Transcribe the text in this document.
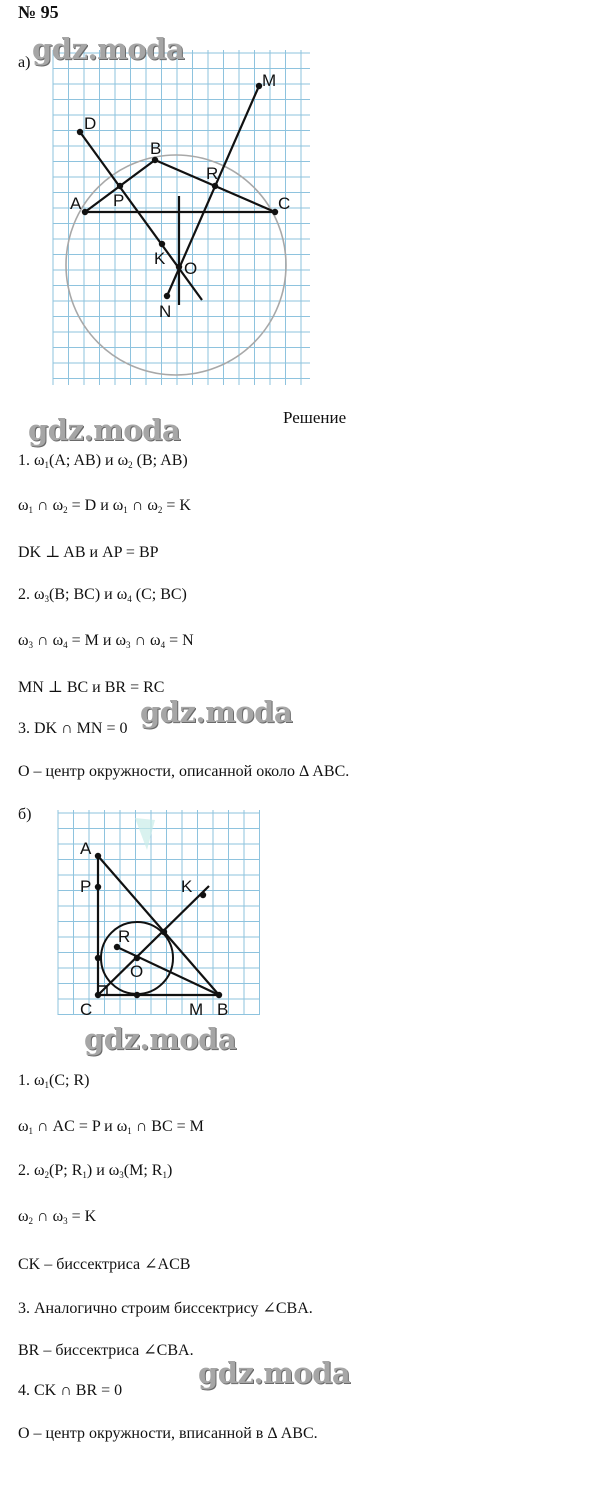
№ 95
а)
M
D
B
R
A P	C
K
O
N
gdz.moda
gdz.moda	Решение
1. $\omega_1(A$; AB) и $\omega_2$ (B; AB)
$\omega_1$ ∩ $\omega_2 = D$ и $\omega_1$ ∩ $\omega_2 = K$
DK ⊥ AB и AP = BP
2. $\omega_3(B$; BC) и $\omega_4$ (C; BC)
$\omega_3$ ∩ $\omega_4 = M$ и $\omega_3$ ∩ $\omega_4 = N$
MN ⊥ BC и BR = RC
3. DK ∩ MN = 0
O – центр окружности, описанной около Δ ABC.
gdz.moda
б)
A
P	K
R
O
C	M B
gdz.moda
1. $\omega_1(C$; R)
$\omega_1$ ∩ AC = P и $\omega_1$ ∩ BC = M
2. $\omega_2(P$; $R_1$) и $\omega_3(M$; $R_1$)
$\omega_2$ ∩ $\omega_3 = K$
CK – биссектриса ∠ACB
3. Аналогично строим биссектрису ∠CBA.
BR – биссектриса ∠CBA.
4. CK ∩ BR = 0
O – центр окружности, вписанной в Δ ABC.
gdz.moda
